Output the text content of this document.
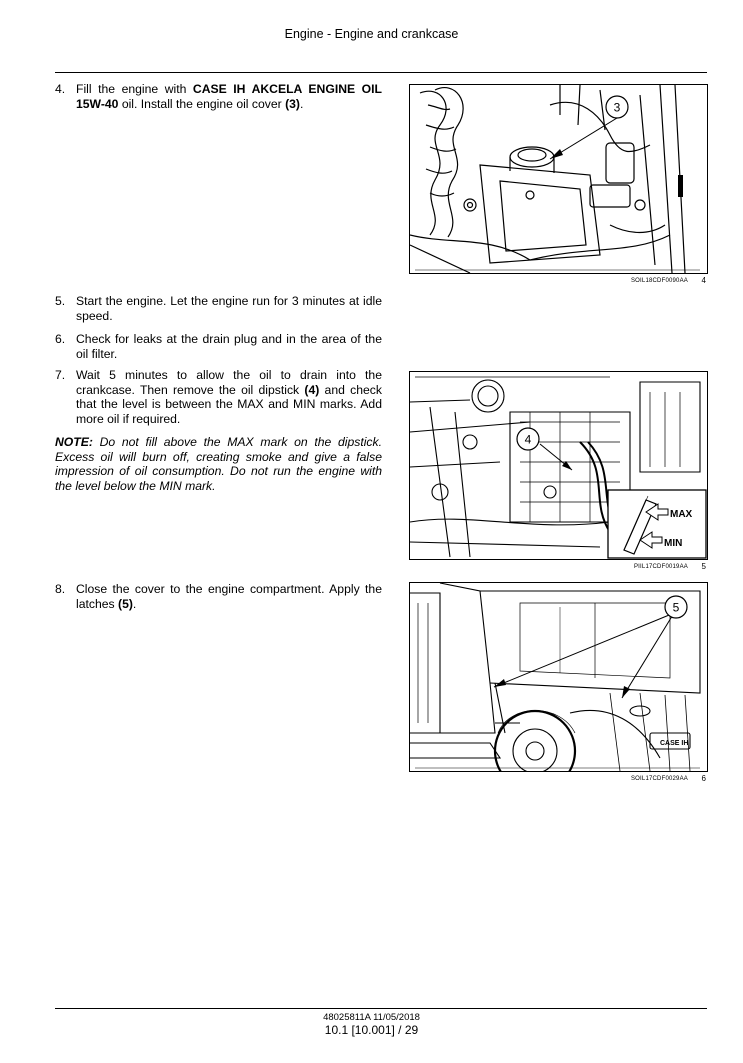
Engine - Engine and crankcase
4. Fill the engine with CASE IH AKCELA ENGINE OIL 15W-40 oil. Install the engine oil cover (3).
5. Start the engine. Let the engine run for 3 minutes at idle speed.
6. Check for leaks at the drain plug and in the area of the oil filter.
7. Wait 5 minutes to allow the oil to drain into the crankcase. Then remove the oil dipstick (4) and check that the level is between the MAX and MIN marks. Add more oil if required.
NOTE: Do not fill above the MAX mark on the dipstick. Excess oil will burn off, creating smoke and give a false impression of oil consumption. Do not run the engine with the level below the MIN mark.
8. Close the cover to the engine compartment. Apply the latches (5).
3
SOIL18CDF0090AA 4
4
MAX
MIN
PIIL17CDF0019AA 5
CASE IH
5
SOIL17CDF0029AA 6
48025811A 11/05/2018
10.1 [10.001] / 29
